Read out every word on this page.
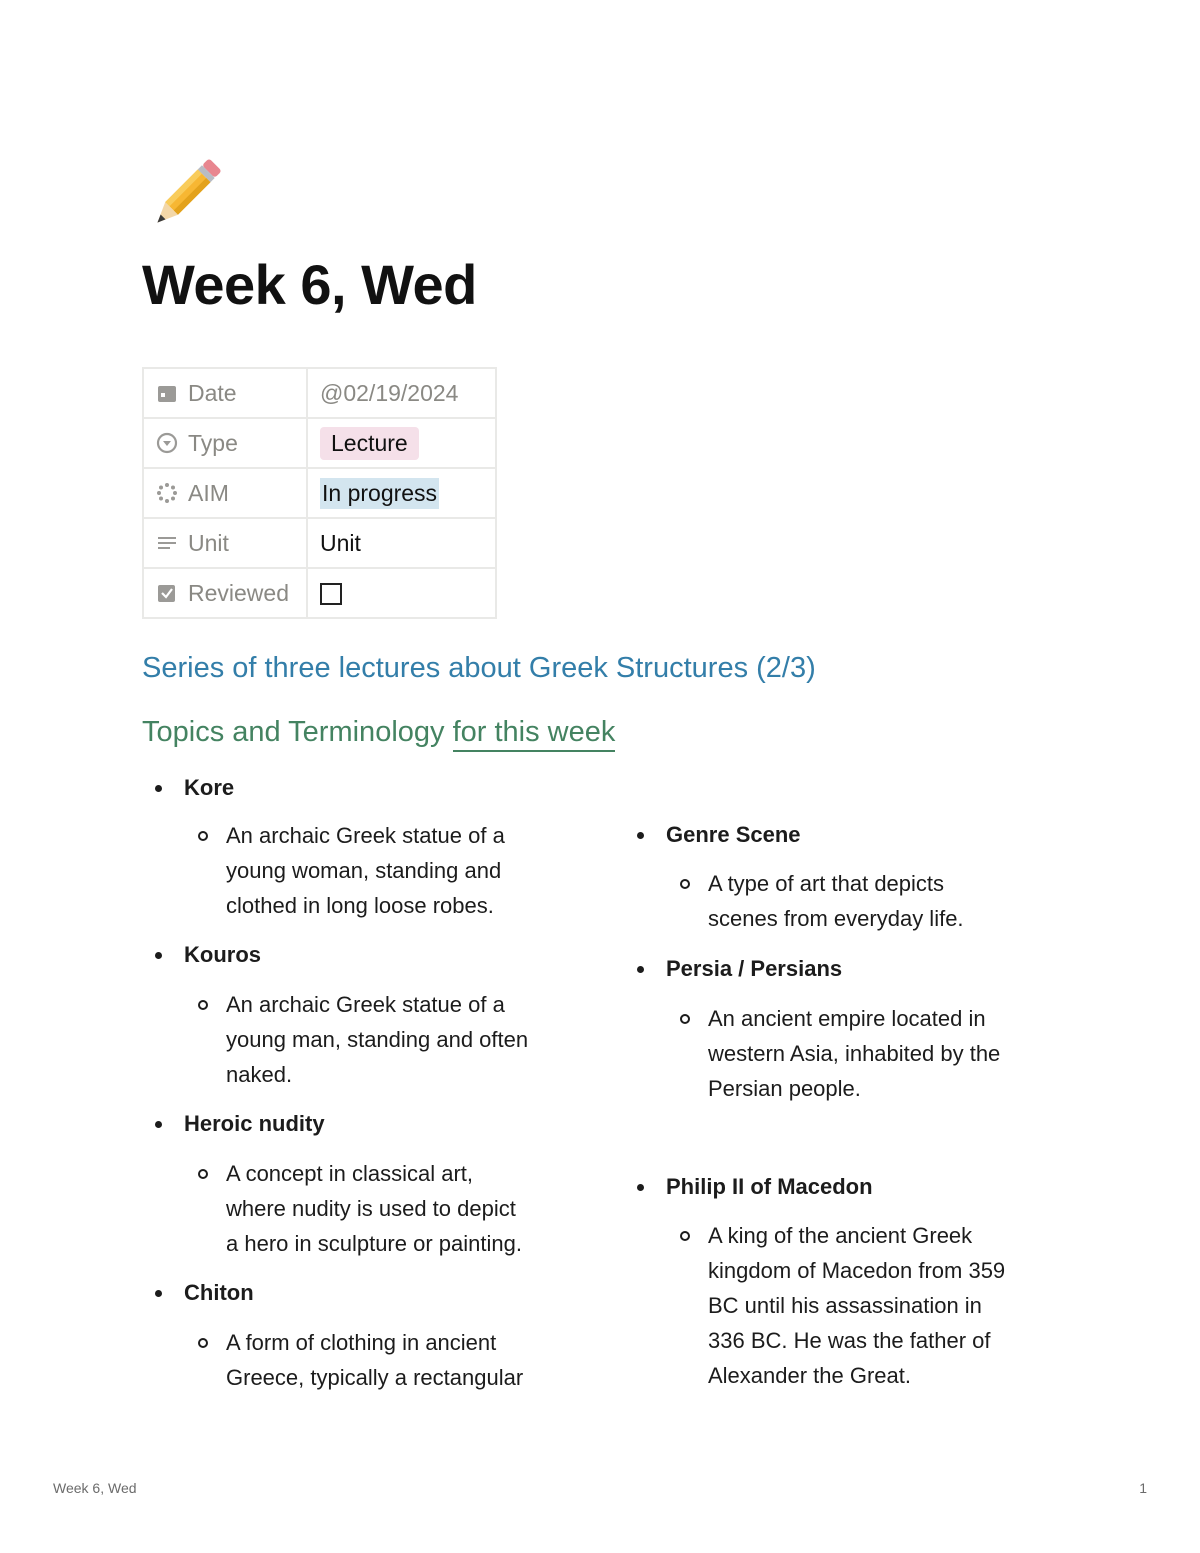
Week 6, Wed
Date	@02/19/2024

Type	Lecture

AIM	In progress

Unit	Unit

Reviewed	

Series of three lectures about Greek Structures (2/3)
Topics and Terminology for this week

Kore

An archaic Greek statue of a

young woman, standing and

clothed in long loose robes.

Kouros

An archaic Greek statue of a

young man, standing and often

naked.

Heroic nudity

A concept in classical art,

where nudity is used to depict

a hero in sculpture or painting.

Chiton

A form of clothing in ancient

Greece, typically a rectangular

Genre Scene

A type of art that depicts

scenes from everyday life.

Persia / Persians

An ancient empire located in

western Asia, inhabited by the

Persian people.

Philip II of Macedon

A king of the ancient Greek

kingdom of Macedon from 359

BC until his assassination in

336 BC. He was the father of

Alexander the Great.

Week 6, Wed	1
